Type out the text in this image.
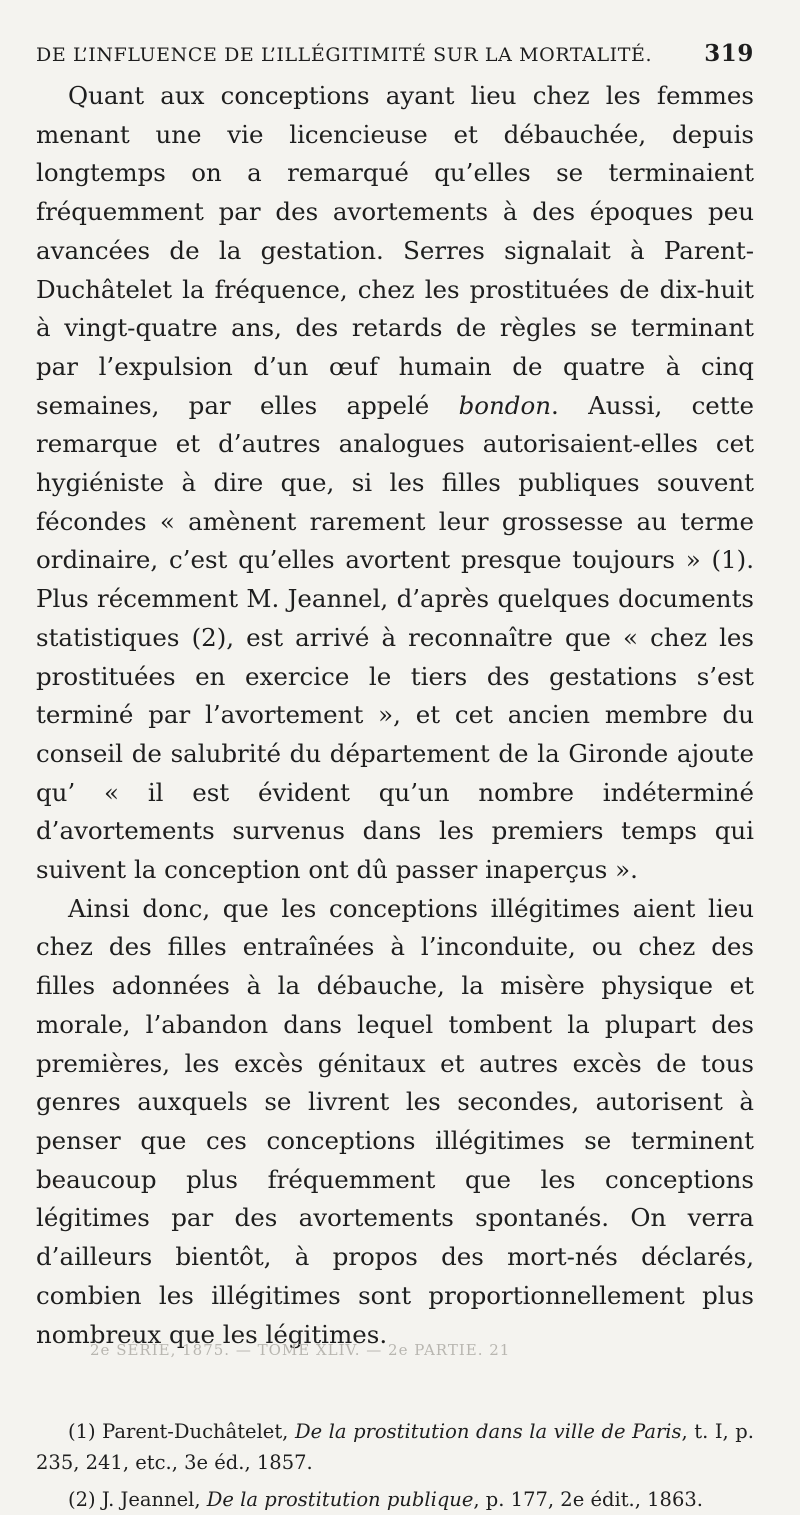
DE L’INFLUENCE DE L’ILLÉGITIMITÉ SUR LA MORTALITÉ. 319

Quant aux conceptions ayant lieu chez les femmes menant une vie licencieuse et débauchée, depuis longtemps on a remarqué qu’elles se terminaient fréquemment par des avortements à des époques peu avancées de la gestation. Serres signalait à Parent-Duchâtelet la fréquence, chez les prostituées de dix-huit à vingt-quatre ans, des retards de règles se terminant par l’expulsion d’un œuf humain de quatre à cinq semaines, par elles appelé bondon. Aussi, cette remarque et d’autres analogues autorisaient-elles cet hygiéniste à dire que, si les filles publiques souvent fécondes « amènent rarement leur grossesse au terme ordinaire, c’est qu’elles avortent presque toujours » (1). Plus récemment M. Jeannel, d’après quelques documents statistiques (2), est arrivé à reconnaître que « chez les prostituées en exercice le tiers des gestations s’est terminé par l’avortement », et cet ancien membre du conseil de salubrité du département de la Gironde ajoute qu’ « il est évident qu’un nombre indéterminé d’avortements survenus dans les premiers temps qui suivent la conception ont dû passer inaperçus ».

Ainsi donc, que les conceptions illégitimes aient lieu chez des filles entraînées à l’inconduite, ou chez des filles adonnées à la débauche, la misère physique et morale, l’abandon dans lequel tombent la plupart des premières, les excès génitaux et autres excès de tous genres auxquels se livrent les secondes, autorisent à penser que ces conceptions illégitimes se terminent beaucoup plus fréquemment que les conceptions légitimes par des avortements spontanés. On verra d’ailleurs bientôt, à propos des mort-nés déclarés, combien les illégitimes sont proportionnellement plus nombreux que les légitimes.

(1) Parent-Duchâtelet, De la prostitution dans la ville de Paris, t. I, p. 235, 241, etc., 3e éd., 1857.

(2) J. Jeannel, De la prostitution publique, p. 177, 2e édit., 1863.

2e SÉRIE, 1875. — TOME XLIV. — 2e PARTIE. 21
